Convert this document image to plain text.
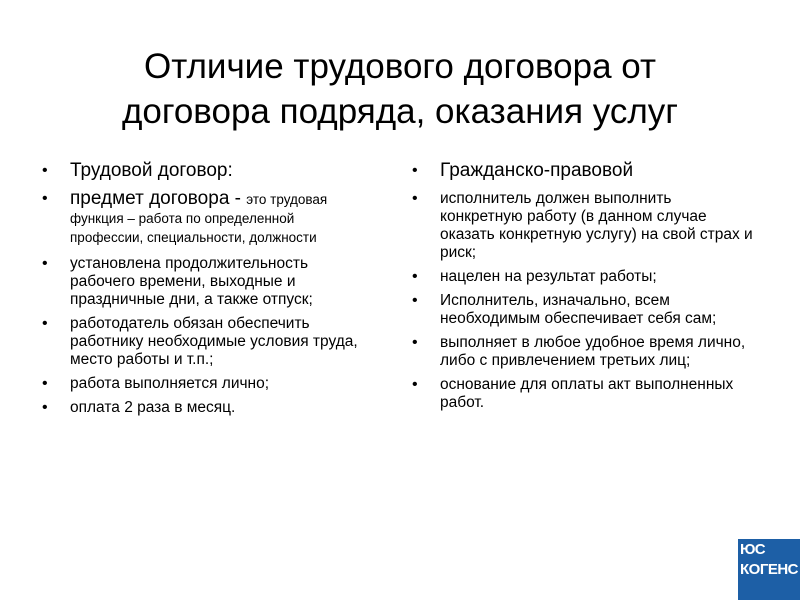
Отличие трудового договора от
договора подряда, оказания услуг
• Трудовой договор:
• предмет договора - это трудовая функция – работа по определенной профессии, специальности, должности
• установлена продолжительность рабочего времени, выходные и праздничные дни, а также отпуск;
• работодатель обязан обеспечить работнику необходимые условия труда, место работы и т.п.;
• работа выполняется лично;
• оплата 2 раза в месяц.
• Гражданско-правовой
• исполнитель должен выполнить конкретную работу (в данном случае оказать конкретную услугу) на свой страх и риск;
• нацелен на результат работы;
• Исполнитель, изначально, всем необходимым обеспечивает себя сам;
• выполняет в любое удобное время лично, либо с привлечением третьих лиц;
• основание для оплаты акт выполненных работ.
ЮС
КОГЕНС Г
